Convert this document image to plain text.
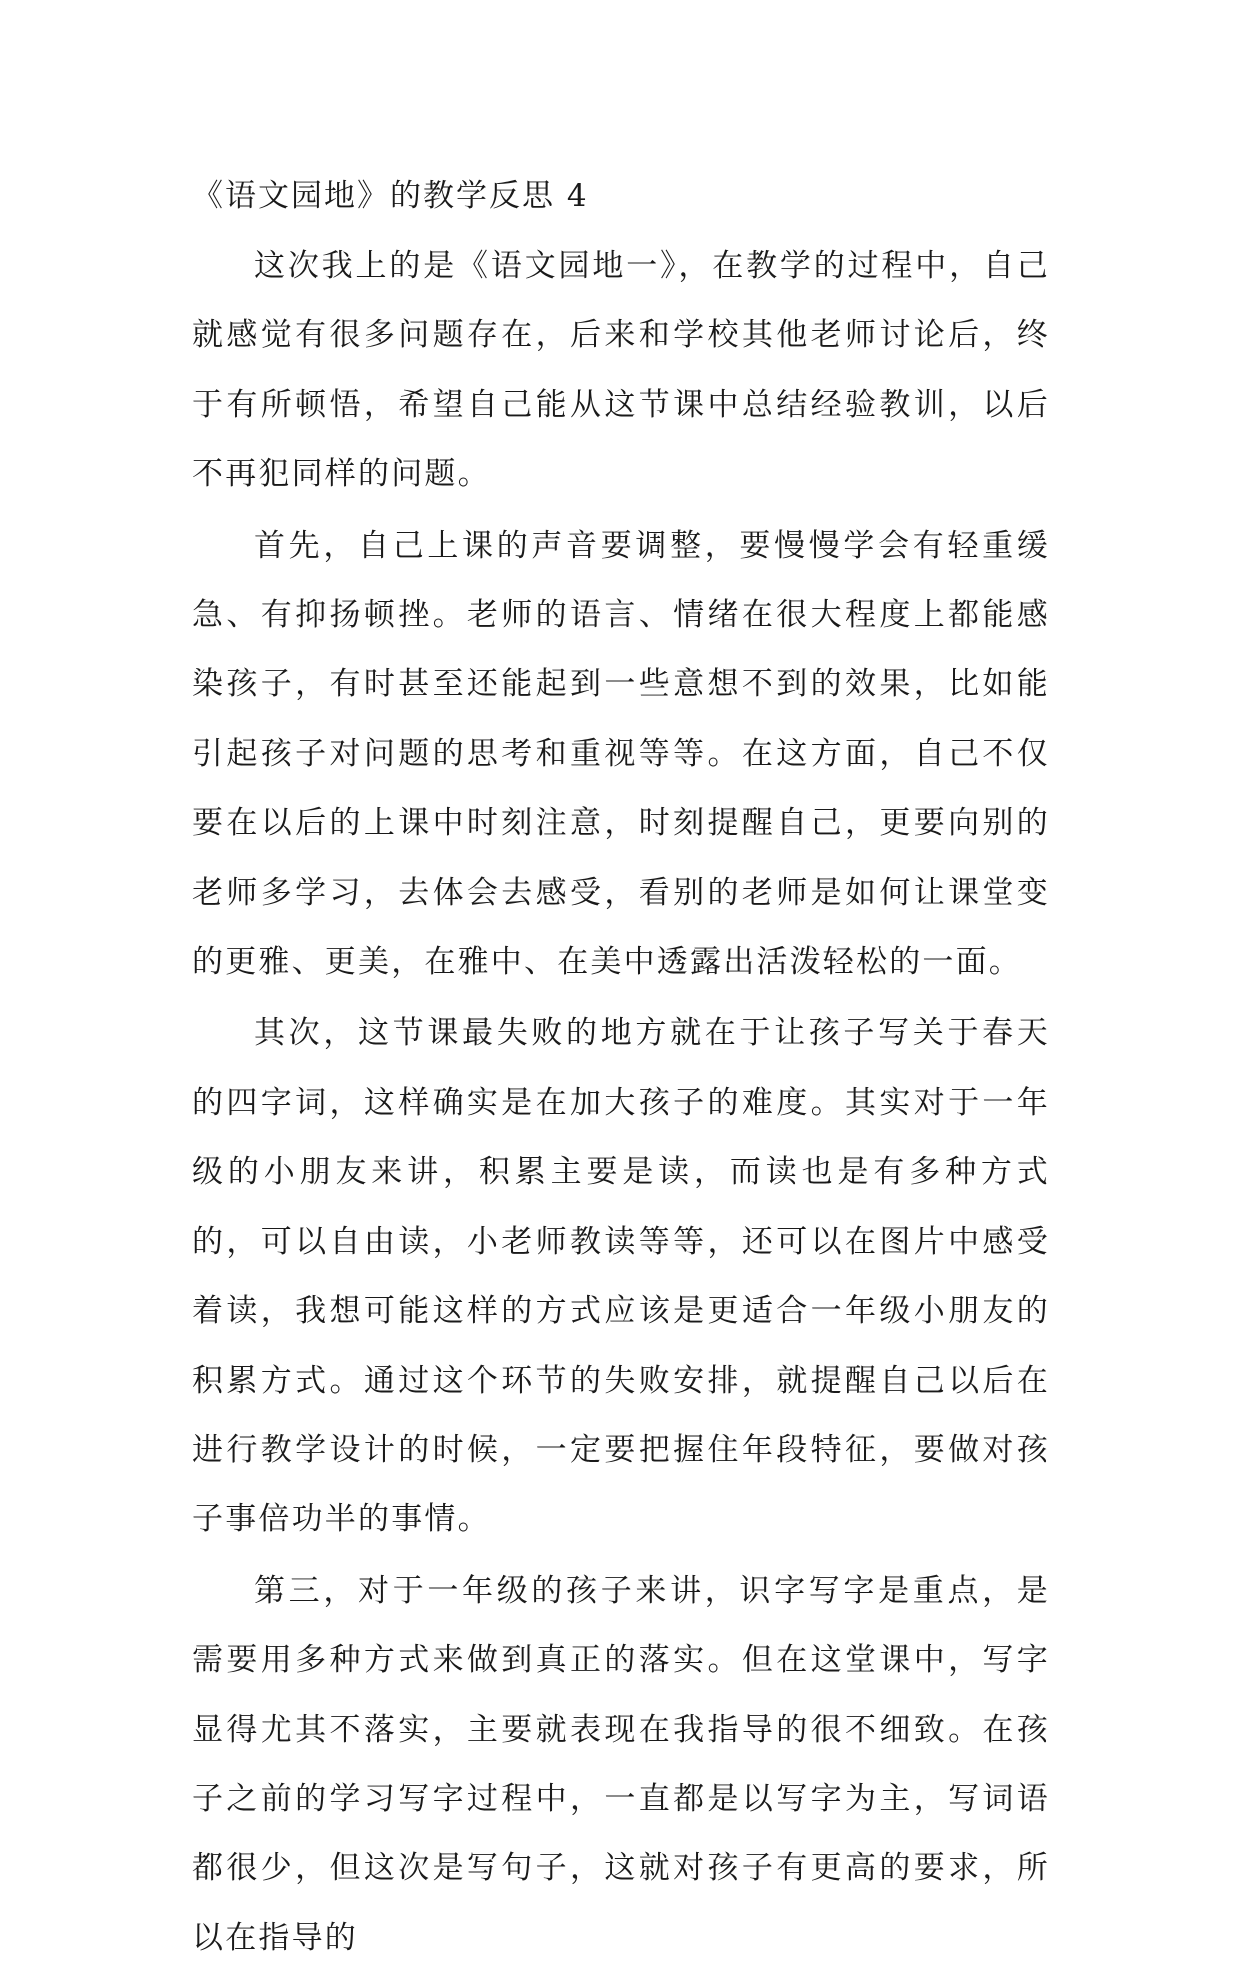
《语文园地》的教学反思 4

这次我上的是《语文园地一》，在教学的过程中，自己就感觉有很多问题存在，后来和学校其他老师讨论后，终于有所顿悟，希望自己能从这节课中总结经验教训，以后不再犯同样的问题。

首先，自己上课的声音要调整，要慢慢学会有轻重缓急、有抑扬顿挫。老师的语言、情绪在很大程度上都能感染孩子，有时甚至还能起到一些意想不到的效果，比如能引起孩子对问题的思考和重视等等。在这方面，自己不仅要在以后的上课中时刻注意，时刻提醒自己，更要向别的老师多学习，去体会去感受，看别的老师是如何让课堂变的更雅、更美，在雅中、在美中透露出活泼轻松的一面。

其次，这节课最失败的地方就在于让孩子写关于春天的四字词，这样确实是在加大孩子的难度。其实对于一年级的小朋友来讲，积累主要是读，而读也是有多种方式的，可以自由读，小老师教读等等，还可以在图片中感受着读，我想可能这样的方式应该是更适合一年级小朋友的积累方式。通过这个环节的失败安排，就提醒自己以后在进行教学设计的时候，一定要把握住年段特征，要做对孩子事倍功半的事情。

第三，对于一年级的孩子来讲，识字写字是重点，是需要用多种方式来做到真正的落实。但在这堂课中，写字显得尤其不落实，主要就表现在我指导的很不细致。在孩子之前的学习写字过程中，一直都是以写字为主，写词语都很少，但这次是写句子，这就对孩子有更高的要求，所以在指导的
